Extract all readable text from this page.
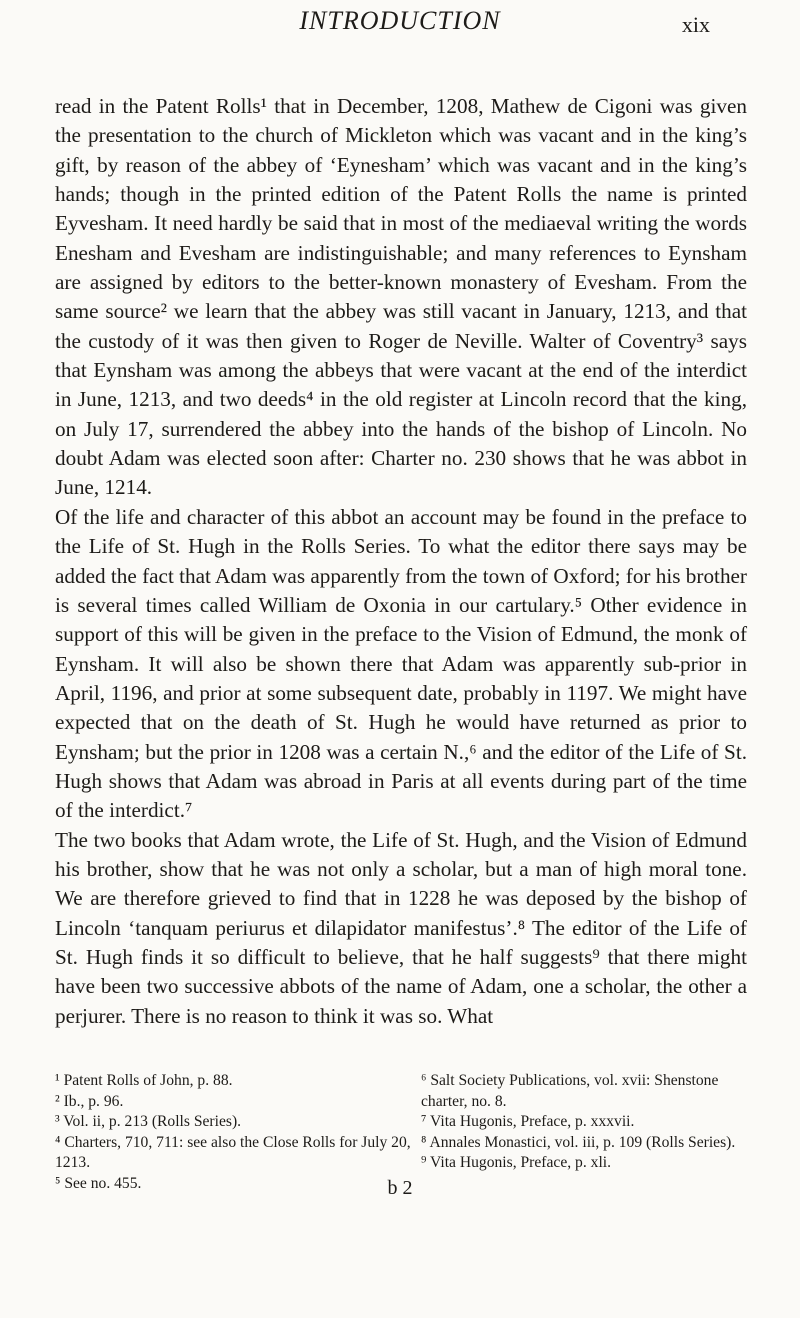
INTRODUCTION	xix

read in the Patent Rolls¹ that in December, 1208, Mathew de Cigoni was given the presentation to the church of Mickleton which was vacant and in the king’s gift, by reason of the abbey of ‘Eynesham’ which was vacant and in the king’s hands; though in the printed edition of the Patent Rolls the name is printed Eyvesham. It need hardly be said that in most of the mediaeval writing the words Enesham and Evesham are indistinguishable; and many references to Eynsham are assigned by editors to the better-known monastery of Evesham. From the same source² we learn that the abbey was still vacant in January, 1213, and that the custody of it was then given to Roger de Neville. Walter of Coventry³ says that Eynsham was among the abbeys that were vacant at the end of the interdict in June, 1213, and two deeds⁴ in the old register at Lincoln record that the king, on July 17, surrendered the abbey into the hands of the bishop of Lincoln. No doubt Adam was elected soon after: Charter no. 230 shows that he was abbot in June, 1214.

Of the life and character of this abbot an account may be found in the preface to the Life of St. Hugh in the Rolls Series. To what the editor there says may be added the fact that Adam was apparently from the town of Oxford; for his brother is several times called William de Oxonia in our cartulary.⁵ Other evidence in support of this will be given in the preface to the Vision of Edmund, the monk of Eynsham. It will also be shown there that Adam was apparently sub-prior in April, 1196, and prior at some subsequent date, probably in 1197. We might have expected that on the death of St. Hugh he would have returned as prior to Eynsham; but the prior in 1208 was a certain N.,⁶ and the editor of the Life of St. Hugh shows that Adam was abroad in Paris at all events during part of the time of the interdict.⁷

The two books that Adam wrote, the Life of St. Hugh, and the Vision of Edmund his brother, show that he was not only a scholar, but a man of high moral tone. We are therefore grieved to find that in 1228 he was deposed by the bishop of Lincoln ‘tanquam periurus et dilapidator manifestus’.⁸ The editor of the Life of St. Hugh finds it so difficult to believe, that he half suggests⁹ that there might have been two successive abbots of the name of Adam, one a scholar, the other a perjurer. There is no reason to think it was so. What

¹ Patent Rolls of John, p. 88.

² Ib., p. 96.

³ Vol. ii, p. 213 (Rolls Series).

⁴ Charters, 710, 711: see also the Close Rolls for July 20, 1213.

⁵ See no. 455.

⁶ Salt Society Publications, vol. xvii: Shenstone charter, no. 8.

⁷ Vita Hugonis, Preface, p. xxxvii.

⁸ Annales Monastici, vol. iii, p. 109 (Rolls Series).

⁹ Vita Hugonis, Preface, p. xli.

b 2
